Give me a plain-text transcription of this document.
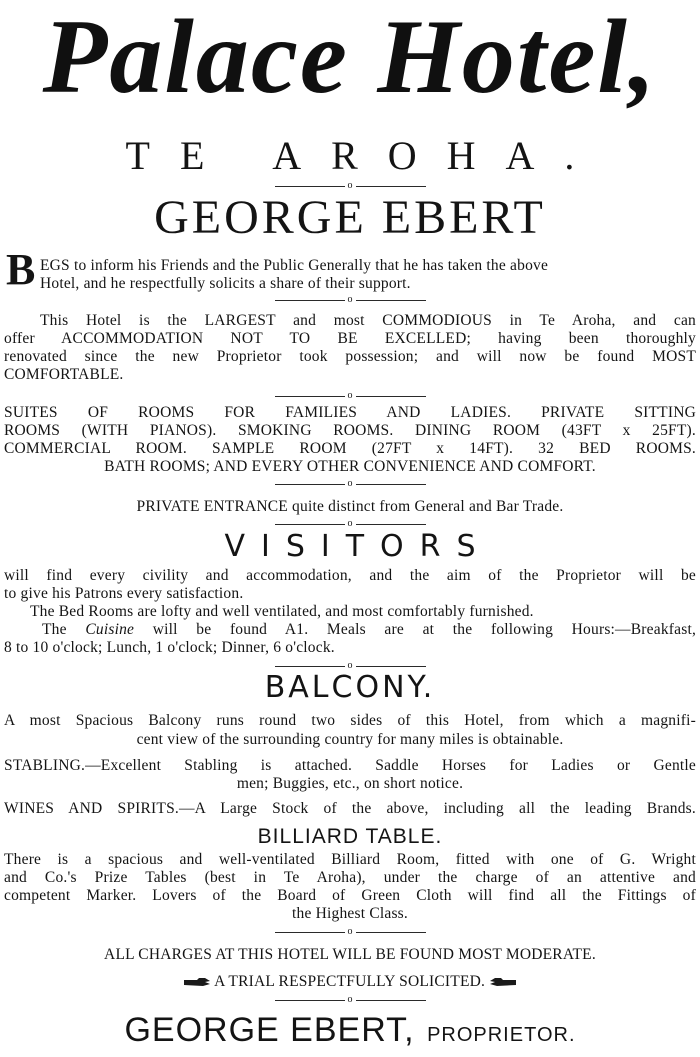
Palace Hotel,
TE AROHA.
o
GEORGE EBERT
B EGS to inform his Friends and the Public Generally that he has taken the above

Hotel, and he respectfully solicits a share of their support.

o

This Hotel is the LARGEST and most COMMODIOUS in Te Aroha, and can

offer ACCOMMODATION NOT TO BE EXCELLED; having been thoroughly

renovated since the new Proprietor took possession; and will now be found MOST

COMFORTABLE.

o

SUITES OF ROOMS FOR FAMILIES AND LADIES. PRIVATE SITTING

ROOMS (WITH PIANOS). SMOKING ROOMS. DINING ROOM (43FT x 25FT).

COMMERCIAL ROOM. SAMPLE ROOM (27FT x 14FT). 32 BED ROOMS.

BATH ROOMS; AND EVERY OTHER CONVENIENCE AND COMFORT.

o

PRIVATE ENTRANCE quite distinct from General and Bar Trade.

o
VISITORS

will find every civility and accommodation, and the aim of the Proprietor will be

to give his Patrons every satisfaction.

The Bed Rooms are lofty and well ventilated, and most comfortably furnished.

The Cuisine will be found A1. Meals are at the following Hours:—Breakfast,

8 to 10 o'clock; Lunch, 1 o'clock; Dinner, 6 o'clock.

o
BALCONY.

A most Spacious Balcony runs round two sides of this Hotel, from which a magnifi-

cent view of the surrounding country for many miles is obtainable.

STABLING.—Excellent Stabling is attached. Saddle Horses for Ladies or Gentle

men; Buggies, etc., on short notice.

WINES AND SPIRITS.—A Large Stock of the above, including all the leading Brands.

BILLIARD TABLE.

There is a spacious and well-ventilated Billiard Room, fitted with one of G. Wright

and Co.'s Prize Tables (best in Te Aroha), under the charge of an attentive and

competent Marker. Lovers of the Board of Green Cloth will find all the Fittings of

the Highest Class.

o

ALL CHARGES AT THIS HOTEL WILL BE FOUND MOST MODERATE.

A TRIAL RESPECTFULLY SOLICITED.

o
GEORGE EBERT, PROPRIETOR.
